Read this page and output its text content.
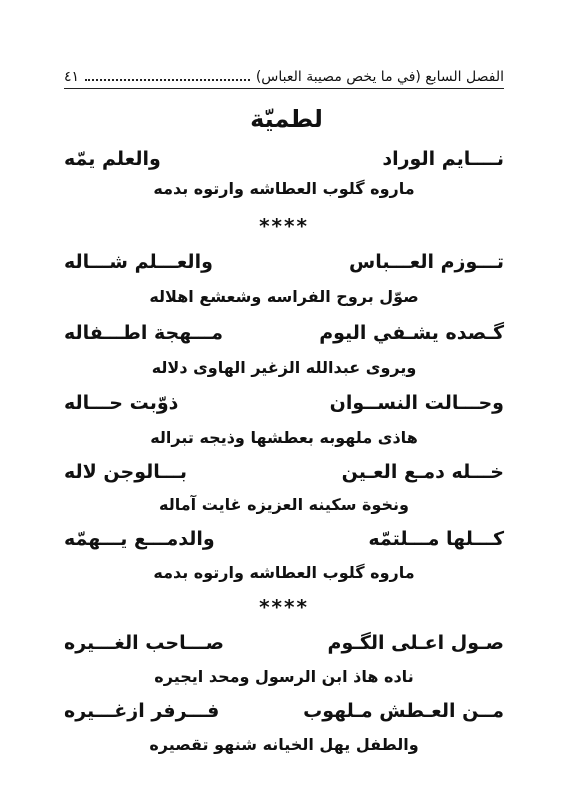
الفصل السابع (في ما يخص مصيبة العباس)
٤١
لطميّة
نــــايم الوراد
والعلم يمّه
ماروه گلوب العطاشه وارتوه بدمه
****
تـــوزم العـــباس
والعـــلم شـــاله
صوّل بروح الفراسه وشعشع اهلاله
گـصده يشـفي اليوم
مـــهجة اطـــفاله
ويروى عبدالله الزغير الهاوى دلاله
وحـــالت النســوان
ذوّبت حـــاله
هاذى ملهوبه بعطشها وذيجه تبراله
خـــله دمـع العـين
بـــالوجن لاله
ونخوة سكينه العزيزه غايت آماله
كـــلها مـــلتمّه
والدمـــع يـــهمّه
ماروه گلوب العطاشه وارتوه بدمه
****
صـول اعـلى الگـوم
صـــاحب الغـــيره
ناده هاذ ابن الرسول ومحد ايجيره
مــن العـطش مـلهوب
فـــرفر ازغـــيره
والطفل يهل الخيانه شنهو تقصيره
